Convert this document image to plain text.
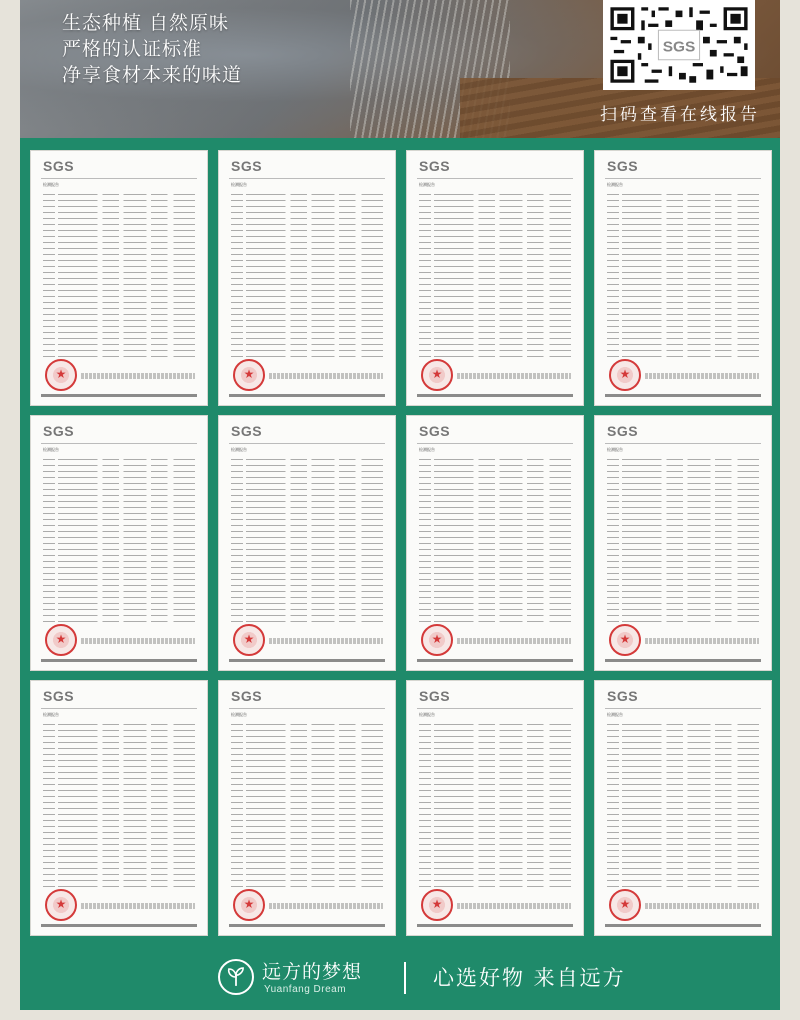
生态种植 自然原味
严格的认证标准
净享食材本来的味道
SGS
扫码查看在线报告
SGS
检测报告
★
SGS
检测报告
★
SGS
检测报告
★
SGS
检测报告
★
SGS
检测报告
★
SGS
检测报告
★
SGS
检测报告
★
SGS
检测报告
★
SGS
检测报告
★
SGS
检测报告
★
SGS
检测报告
★
SGS
检测报告
★
远方的梦想
Yuanfang Dream	心选好物 来自远方
